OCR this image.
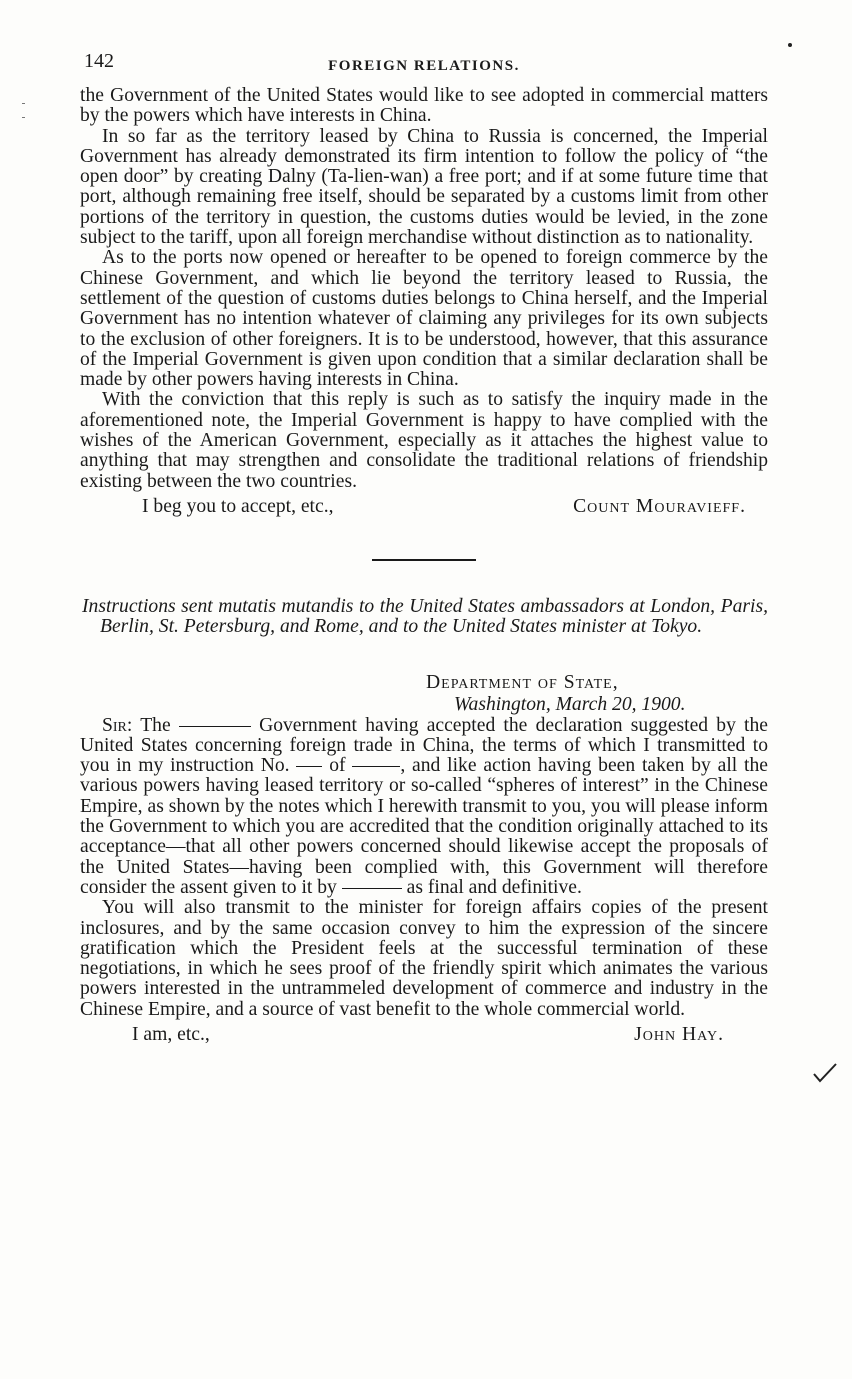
142	FOREIGN RELATIONS.

the Government of the United States would like to see adopted in commercial matters by the powers which have interests in China.

In so far as the territory leased by China to Russia is concerned, the Imperial Government has already demonstrated its firm intention to follow the policy of “the open door” by creating Dalny (Ta-lien-wan) a free port; and if at some future time that port, although remaining free itself, should be separated by a customs limit from other portions of the territory in question, the customs duties would be levied, in the zone subject to the tariff, upon all foreign merchandise without distinction as to nationality.

As to the ports now opened or hereafter to be opened to foreign commerce by the Chinese Government, and which lie beyond the territory leased to Russia, the settlement of the question of customs duties belongs to China herself, and the Imperial Government has no intention whatever of claiming any privileges for its own subjects to the exclusion of other foreigners. It is to be understood, however, that this assurance of the Imperial Government is given upon condition that a similar declaration shall be made by other powers having interests in China.

With the conviction that this reply is such as to satisfy the inquiry made in the aforementioned note, the Imperial Government is happy to have complied with the wishes of the American Government, especially as it attaches the highest value to anything that may strengthen and consolidate the traditional relations of friendship existing between the two countries.

I beg you to accept, etc.,	Count Mouravieff.
Instructions sent mutatis mutandis to the United States ambassadors at London, Paris, Berlin, St. Petersburg, and Rome, and to the United States minister at Tokyo.
Department of State,
Washington, March 20, 1900.

Sir: The	Government having accepted the declaration suggested by the United States concerning foreign trade in China, the terms of which I transmitted to you in my instruction No. of	, and like action having been taken by all the various powers having leased territory or so-called “spheres of interest” in the Chinese Empire, as shown by the notes which I herewith transmit to you, you will please inform the Government to which you are accredited that the condition originally attached to its acceptance—that all other powers concerned should likewise accept the proposals of the United States—having been complied with, this Government will therefore consider the assent given to it by	as final and definitive.

You will also transmit to the minister for foreign affairs copies of the present inclosures, and by the same occasion convey to him the expression of the sincere gratification which the President feels at the successful termination of these negotiations, in which he sees proof of the friendly spirit which animates the various powers interested in the untrammeled development of commerce and industry in the Chinese Empire, and a source of vast benefit to the whole commercial world.

I am, etc.,	John Hay.
